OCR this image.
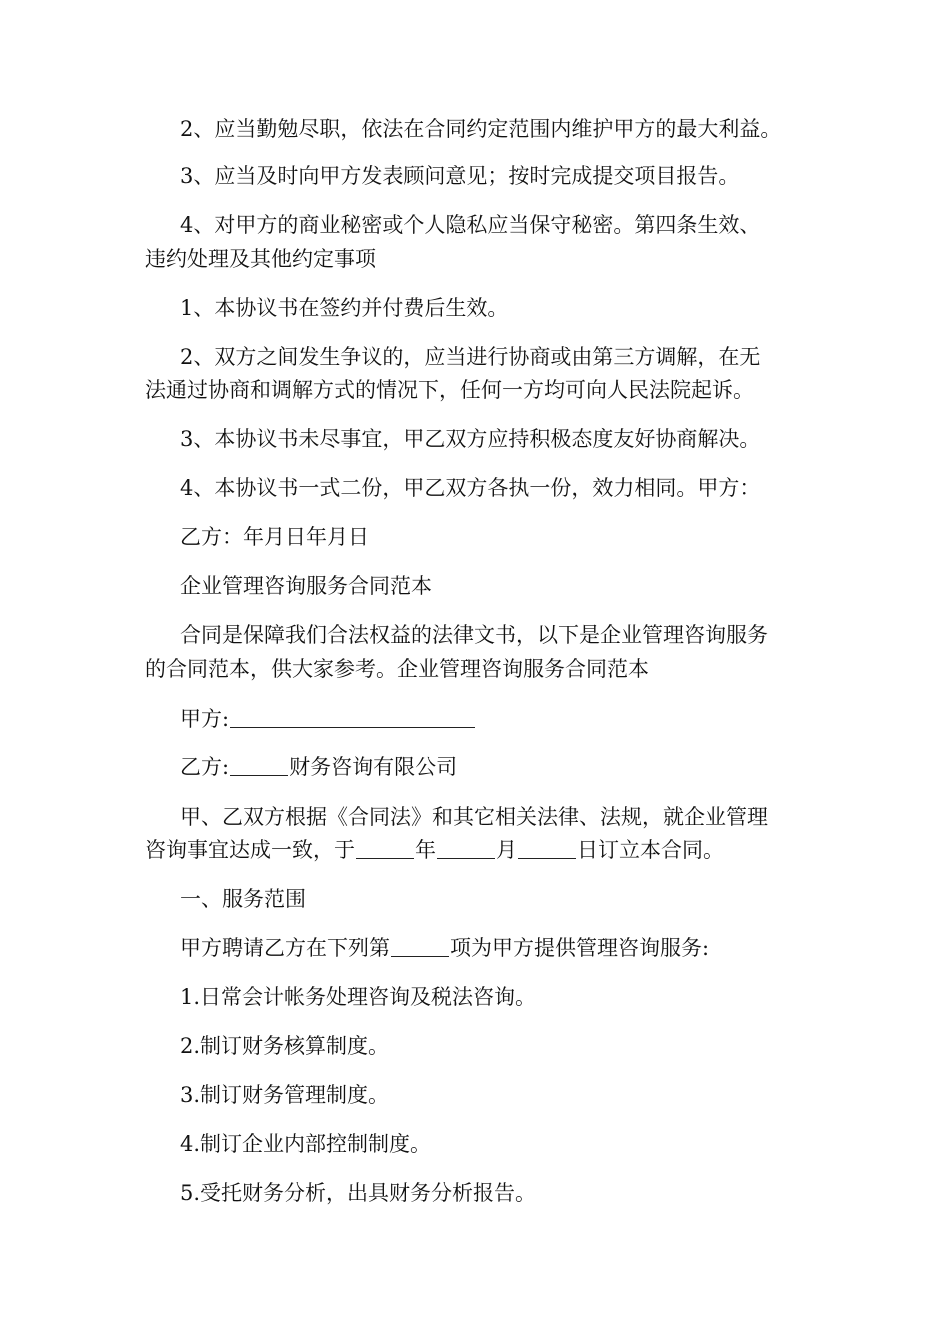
2、应当勤勉尽职，依法在合同约定范围内维护甲方的最大利益。
3、应当及时向甲方发表顾问意见；按时完成提交项目报告。
4、对甲方的商业秘密或个人隐私应当保守秘密。第四条生效、
违约处理及其他约定事项
1、本协议书在签约并付费后生效。
2、双方之间发生争议的，应当进行协商或由第三方调解，在无
法通过协商和调解方式的情况下，任何一方均可向人民法院起诉。
3、本协议书未尽事宜，甲乙双方应持积极态度友好协商解决。
4、本协议书一式二份，甲乙双方各执一份，效力相同。甲方：
乙方：年月日年月日
企业管理咨询服务合同范本
合同是保障我们合法权益的法律文书，以下是企业管理咨询服务
的合同范本，供大家参考。企业管理咨询服务合同范本
甲方:
乙方:	财务咨询有限公司
甲、乙双方根据《合同法》和其它相关法律、法规，就企业管理
咨询事宜达成一致，于	年	月	日订立本合同。
一、服务范围
甲方聘请乙方在下列第	项为甲方提供管理咨询服务:
1.日常会计帐务处理咨询及税法咨询。
2.制订财务核算制度。
3.制订财务管理制度。
4.制订企业内部控制制度。
5.受托财务分析，出具财务分析报告。
